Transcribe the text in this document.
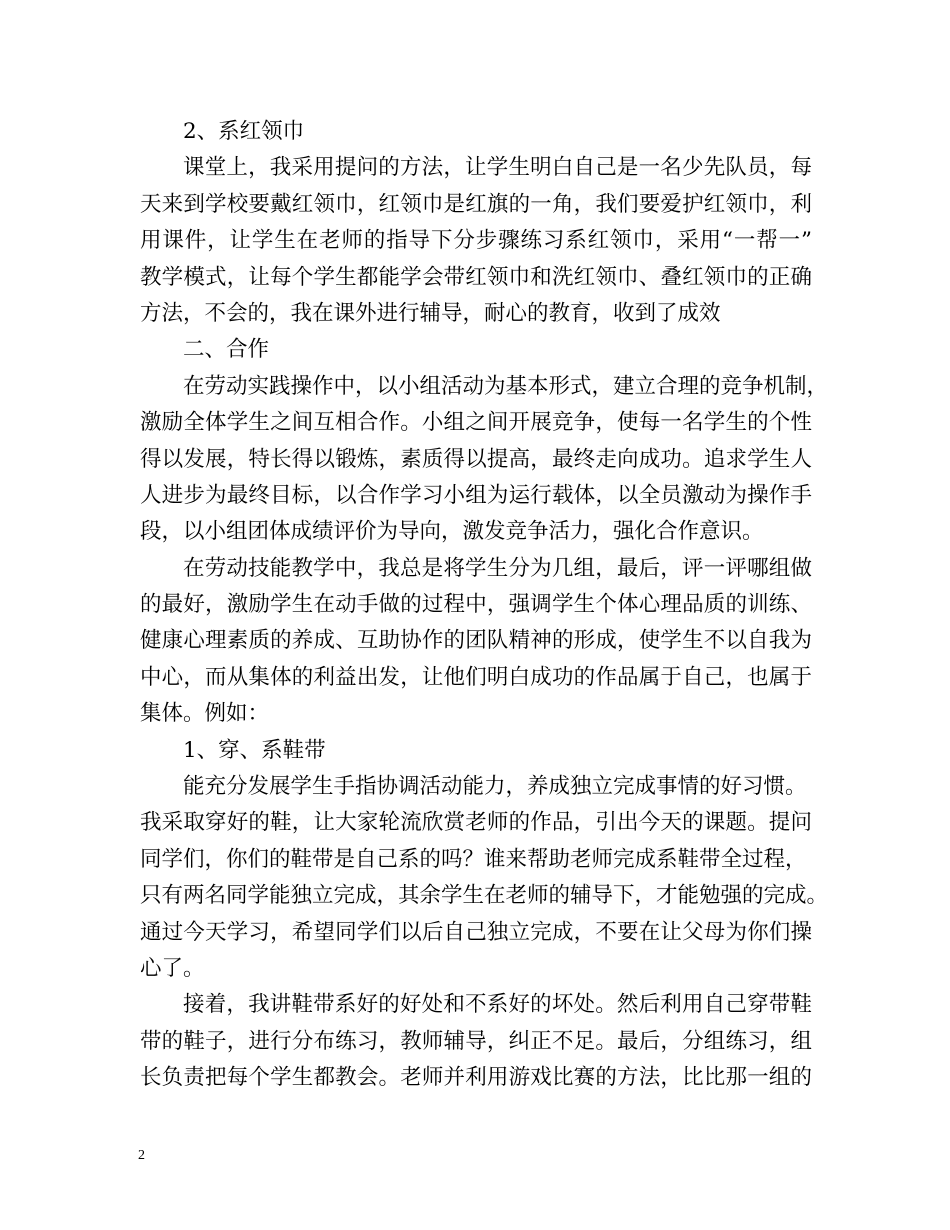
2、系红领巾
课堂上，我采用提问的方法，让学生明白自己是一名少先队员，每
天来到学校要戴红领巾，红领巾是红旗的一角，我们要爱护红领巾，利
用课件，让学生在老师的指导下分步骤练习系红领巾，采用“一帮一”
教学模式，让每个学生都能学会带红领巾和洗红领巾、叠红领巾的正确
方法，不会的，我在课外进行辅导，耐心的教育，收到了成效
二、合作
在劳动实践操作中，以小组活动为基本形式，建立合理的竞争机制，
激励全体学生之间互相合作。小组之间开展竞争，使每一名学生的个性
得以发展，特长得以锻炼，素质得以提高，最终走向成功。追求学生人
人进步为最终目标，以合作学习小组为运行载体，以全员激动为操作手
段，以小组团体成绩评价为导向，激发竞争活力，强化合作意识。
在劳动技能教学中，我总是将学生分为几组，最后，评一评哪组做
的最好，激励学生在动手做的过程中，强调学生个体心理品质的训练、
健康心理素质的养成、互助协作的团队精神的形成，使学生不以自我为
中心，而从集体的利益出发，让他们明白成功的作品属于自己，也属于
集体。例如：
1、穿、系鞋带
能充分发展学生手指协调活动能力，养成独立完成事情的好习惯。
我采取穿好的鞋，让大家轮流欣赏老师的作品，引出今天的课题。提问
同学们，你们的鞋带是自己系的吗？谁来帮助老师完成系鞋带全过程，
只有两名同学能独立完成，其余学生在老师的辅导下，才能勉强的完成。
通过今天学习，希望同学们以后自己独立完成，不要在让父母为你们操
心了。
接着，我讲鞋带系好的好处和不系好的坏处。然后利用自己穿带鞋
带的鞋子，进行分布练习，教师辅导，纠正不足。最后，分组练习，组
长负责把每个学生都教会。老师并利用游戏比赛的方法，比比那一组的
2
